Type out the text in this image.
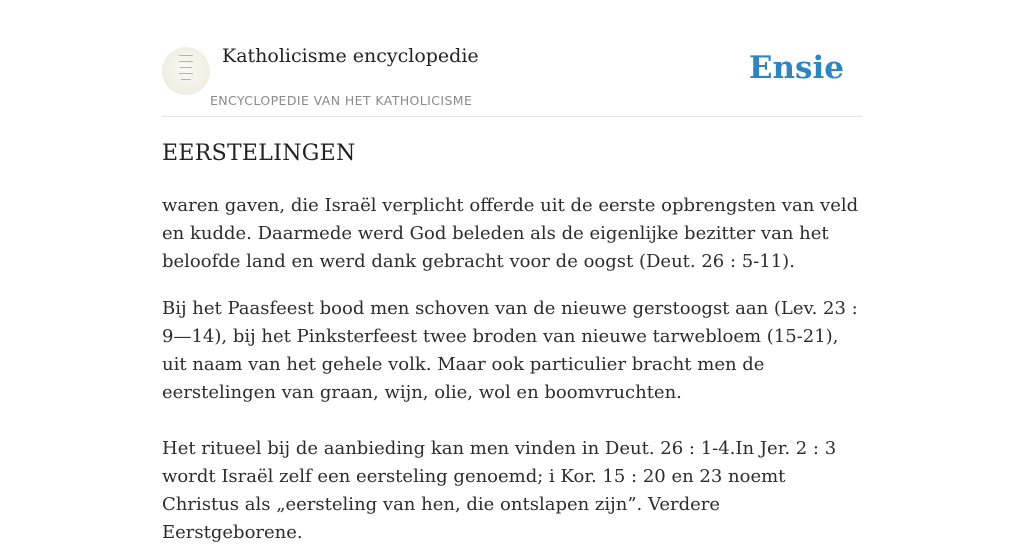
Katholicisme encyclopedie
ENCYCLOPEDIE VAN HET KATHOLICISME
Ensie
EERSTELINGEN

waren gaven, die Israël verplicht offerde uit de eerste opbrengsten van veld en kudde. Daarmede werd God beleden als de eigenlijke bezitter van het beloofde land en werd dank gebracht voor de oogst (Deut. 26 : 5-11).

Bij het Paasfeest bood men schoven van de nieuwe gerstoogst aan (Lev. 23 : 9—14), bij het Pinksterfeest twee broden van nieuwe tarwebloem (15-21), uit naam van het gehele volk. Maar ook particulier bracht men de eerstelingen van graan, wijn, olie, wol en boomvruchten.

Het ritueel bij de aanbieding kan men vinden in Deut. 26 : 1-4.In Jer. 2 : 3 wordt Israël zelf een eersteling genoemd; i Kor. 15 : 20 en 23 noemt Christus als „eersteling van hen, die ontslapen zijn”. Verdere Eerstgeborene.
